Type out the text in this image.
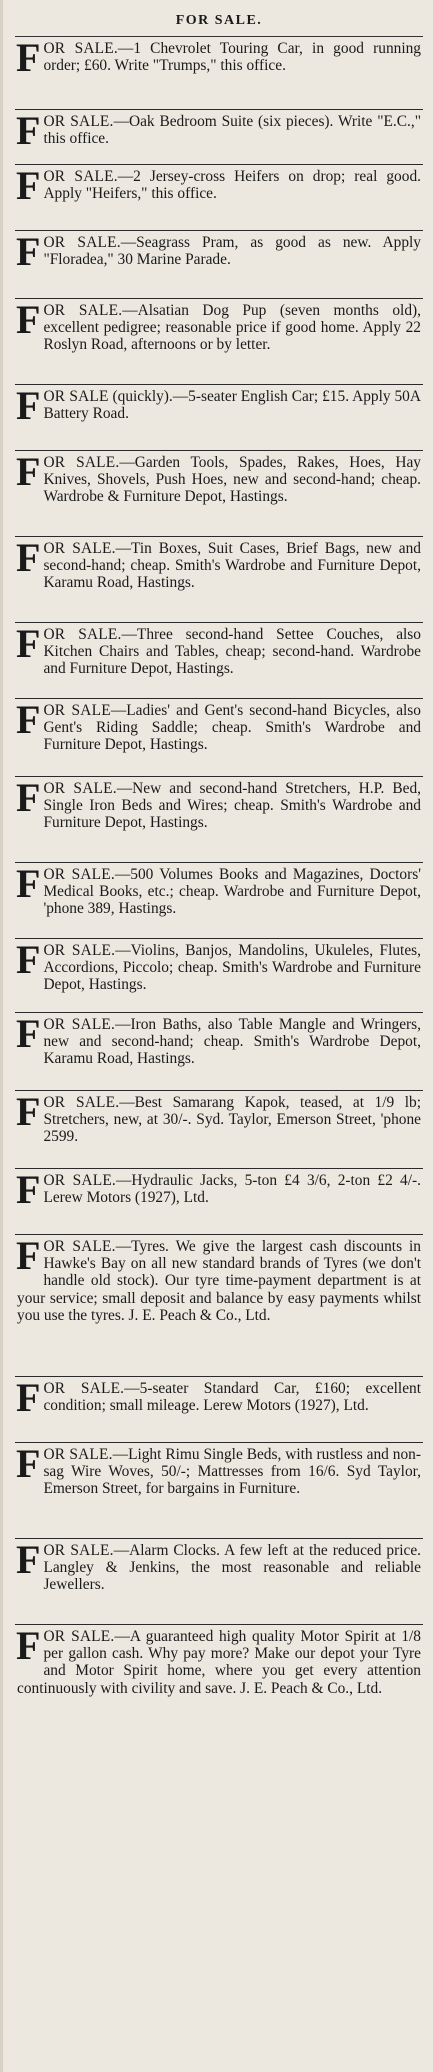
FOR SALE.
FOR SALE.—1 Chevrolet Touring Car, in good running order; £60. Write "Trumps," this office.
FOR SALE.—Oak Bedroom Suite (six pieces). Write "E.C.," this office.
FOR SALE.—2 Jersey-cross Heifers on drop; real good. Apply "Heifers," this office.
FOR SALE.—Seagrass Pram, as good as new. Apply "Floradea," 30 Marine Parade.
FOR SALE.—Alsatian Dog Pup (seven months old), excellent pedigree; reasonable price if good home. Apply 22 Roslyn Road, afternoons or by letter.
FOR SALE (quickly).—5-seater English Car; £15. Apply 50A Battery Road.
FOR SALE.—Garden Tools, Spades, Rakes, Hoes, Hay Knives, Shovels, Push Hoes, new and second-hand; cheap. Wardrobe & Furniture Depot, Hastings.
FOR SALE.—Tin Boxes, Suit Cases, Brief Bags, new and second-hand; cheap. Smith's Wardrobe and Furniture Depot, Karamu Road, Hastings.
FOR SALE.—Three second-hand Settee Couches, also Kitchen Chairs and Tables, cheap; second-hand. Wardrobe and Furniture Depot, Hastings.
FOR SALE—Ladies' and Gent's second-hand Bicycles, also Gent's Riding Saddle; cheap. Smith's Wardrobe and Furniture Depot, Hastings.
FOR SALE.—New and second-hand Stretchers, H.P. Bed, Single Iron Beds and Wires; cheap. Smith's Wardrobe and Furniture Depot, Hastings.
FOR SALE.—500 Volumes Books and Magazines, Doctors' Medical Books, etc.; cheap. Wardrobe and Furniture Depot, 'phone 389, Hastings.
FOR SALE.—Violins, Banjos, Mandolins, Ukuleles, Flutes, Accordions, Piccolo; cheap. Smith's Wardrobe and Furniture Depot, Hastings.
FOR SALE.—Iron Baths, also Table Mangle and Wringers, new and second-hand; cheap. Smith's Wardrobe Depot, Karamu Road, Hastings.
FOR SALE.—Best Samarang Kapok, teased, at 1/9 lb; Stretchers, new, at 30/-. Syd. Taylor, Emerson Street, 'phone 2599.
FOR SALE.—Hydraulic Jacks, 5-ton £4 3/6, 2-ton £2 4/-. Lerew Motors (1927), Ltd.
FOR SALE.—Tyres. We give the largest cash discounts in Hawke's Bay on all new standard brands of Tyres (we don't handle old stock). Our tyre time-payment department is at your service; small deposit and balance by easy payments whilst you use the tyres. J. E. Peach & Co., Ltd.
FOR SALE.—5-seater Standard Car, £160; excellent condition; small mileage. Lerew Motors (1927), Ltd.
FOR SALE.—Light Rimu Single Beds, with rustless and non-sag Wire Woves, 50/-; Mattresses from 16/6. Syd Taylor, Emerson Street, for bargains in Furniture.
FOR SALE.—Alarm Clocks. A few left at the reduced price. Langley & Jenkins, the most reasonable and reliable Jewellers.
FOR SALE.—A guaranteed high quality Motor Spirit at 1/8 per gallon cash. Why pay more? Make our depot your Tyre and Motor Spirit home, where you get every attention continuously with civility and save. J. E. Peach & Co., Ltd.
